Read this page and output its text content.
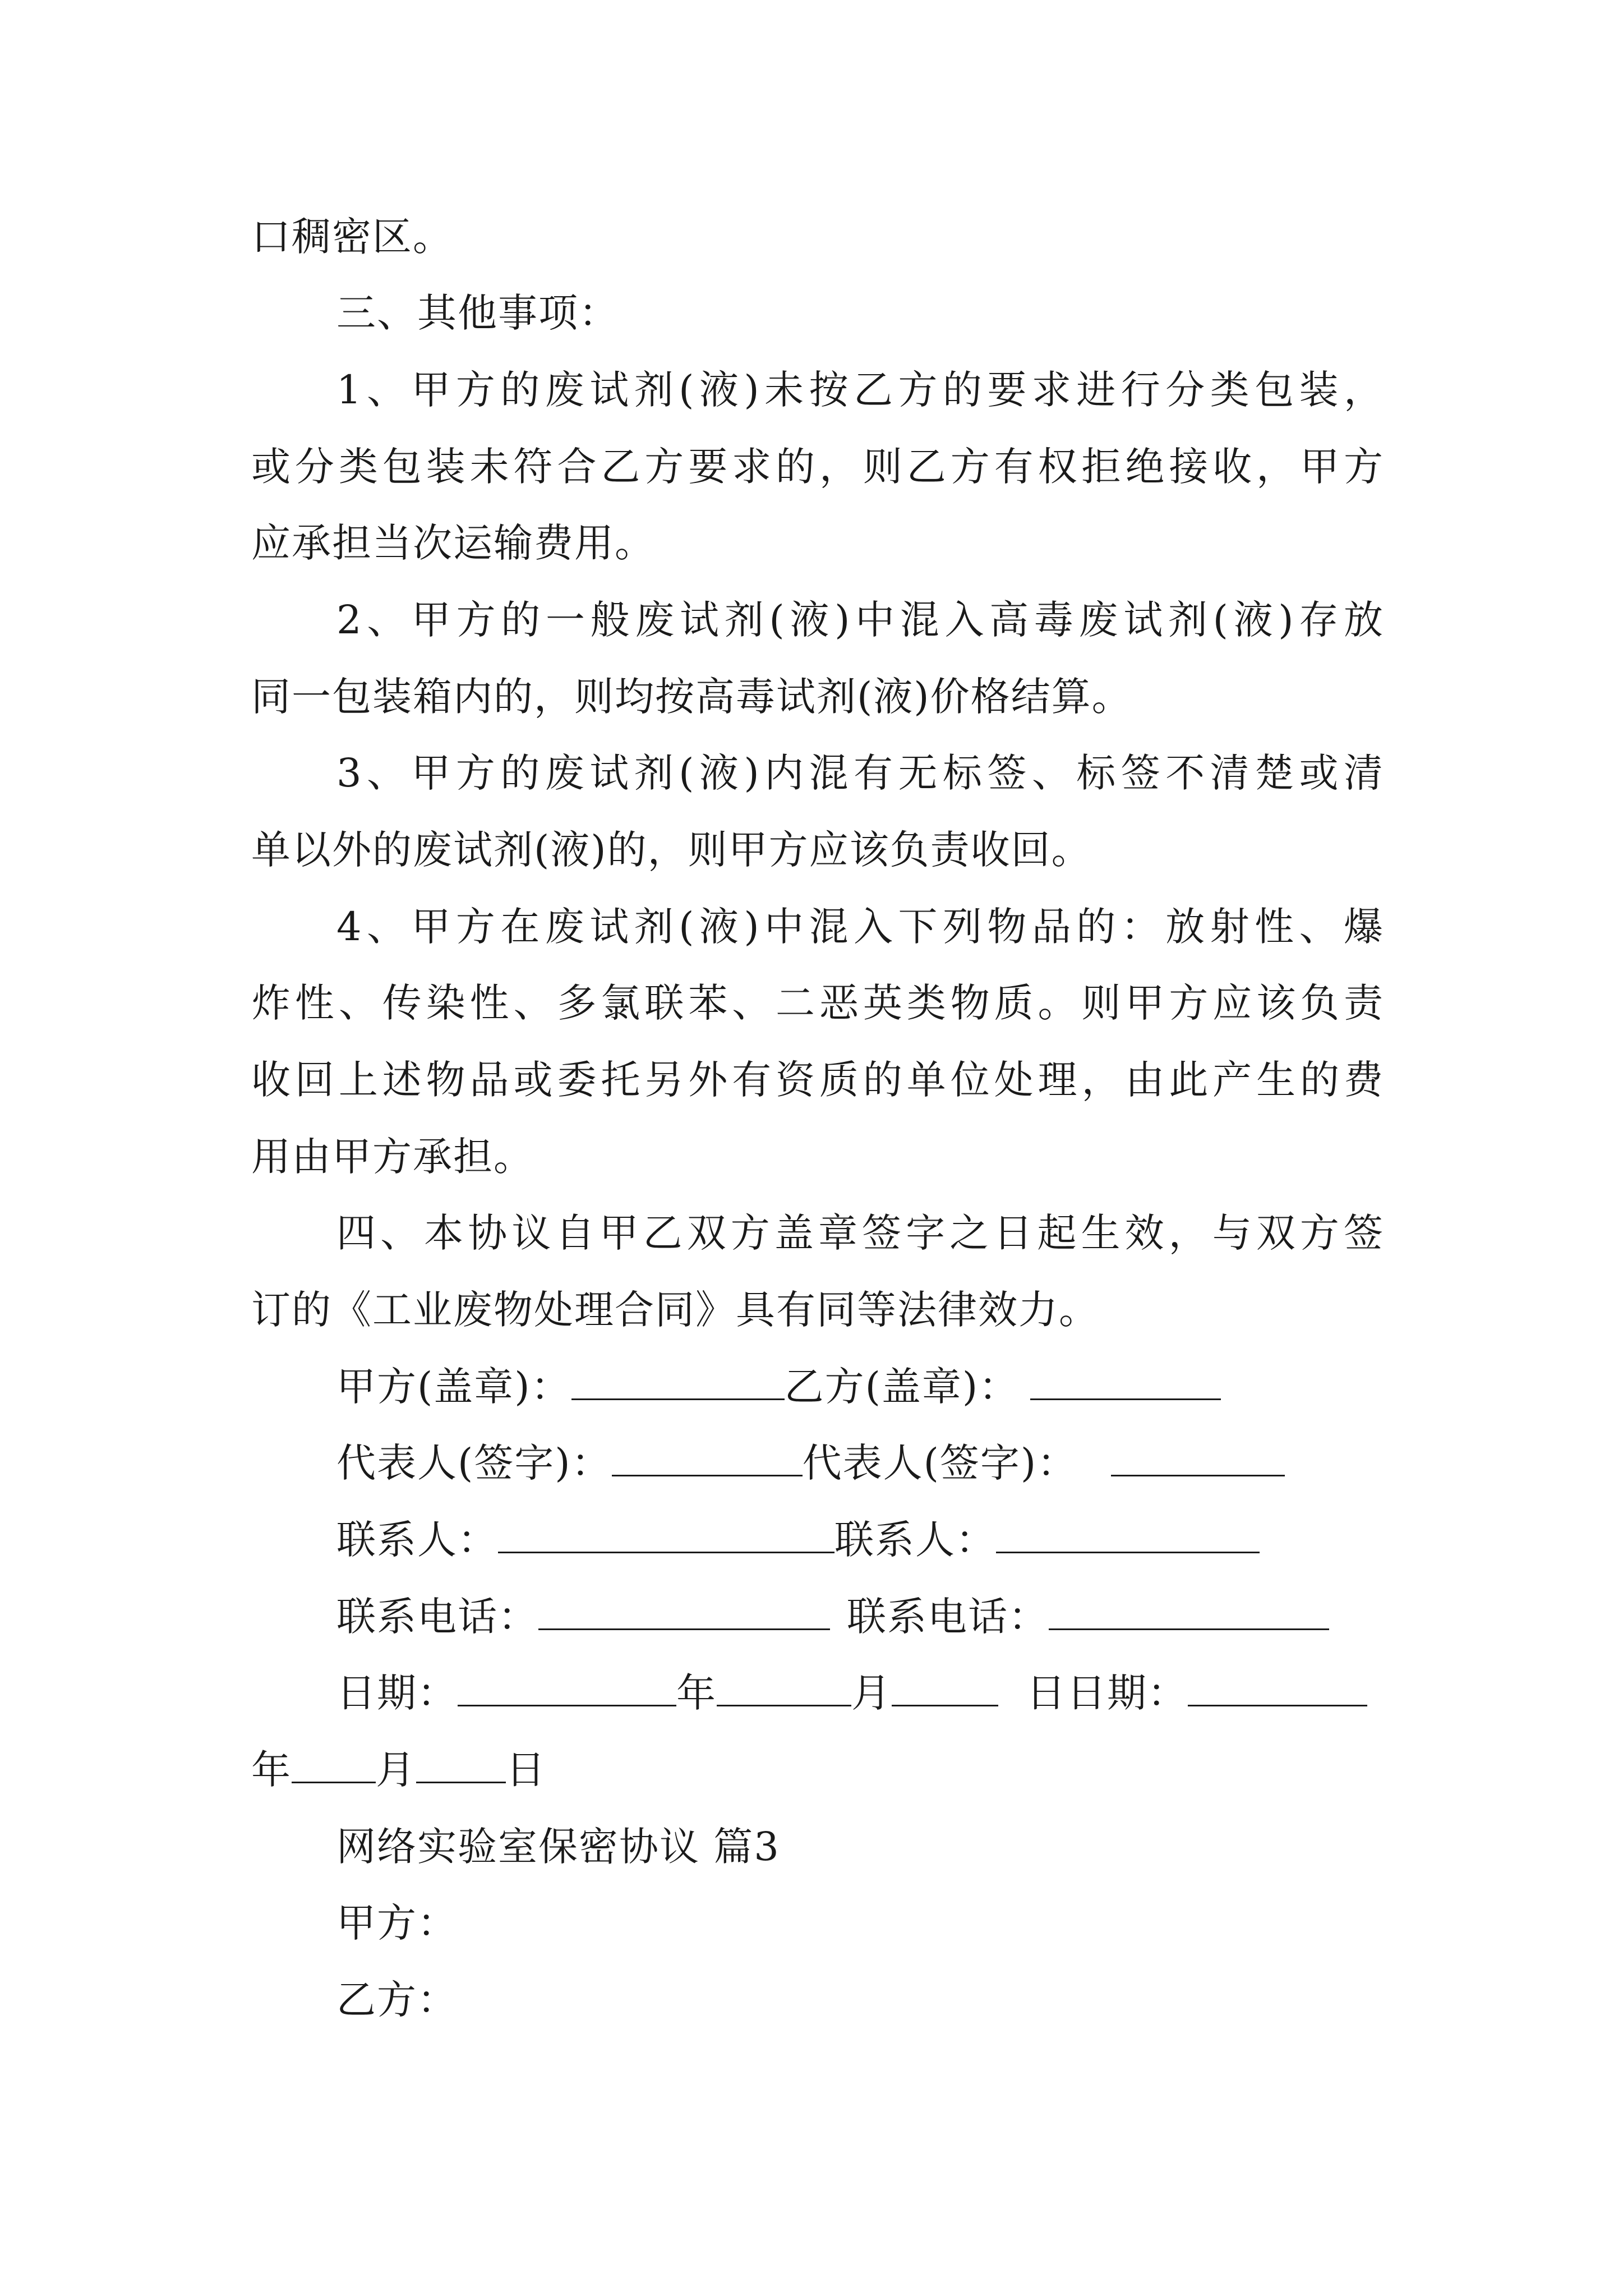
口稠密区。
三、其他事项：
1、甲方的废试剂(液)未按乙方的要求进行分类包装，
或分类包装未符合乙方要求的，则乙方有权拒绝接收，甲方
应承担当次运输费用。
2、甲方的一般废试剂(液)中混入高毒废试剂(液)存放
同一包装箱内的，则均按高毒试剂(液)价格结算。
3、甲方的废试剂(液)内混有无标签、标签不清楚或清
单以外的废试剂(液)的，则甲方应该负责收回。
4、甲方在废试剂(液)中混入下列物品的：放射性、爆
炸性、传染性、多氯联苯、二恶英类物质。则甲方应该负责
收回上述物品或委托另外有资质的单位处理，由此产生的费
用由甲方承担。
四、本协议自甲乙双方盖章签字之日起生效，与双方签
订的《工业废物处理合同》具有同等法律效力。
甲方(盖章)：	乙方(盖章)：
代表人(签字)：	代表人(签字)：
联系人：	联系人：
联系电话：	联系电话：
日期：	年	月	日日期：
年 月 日
网络实验室保密协议 篇3
甲方：
乙方：
